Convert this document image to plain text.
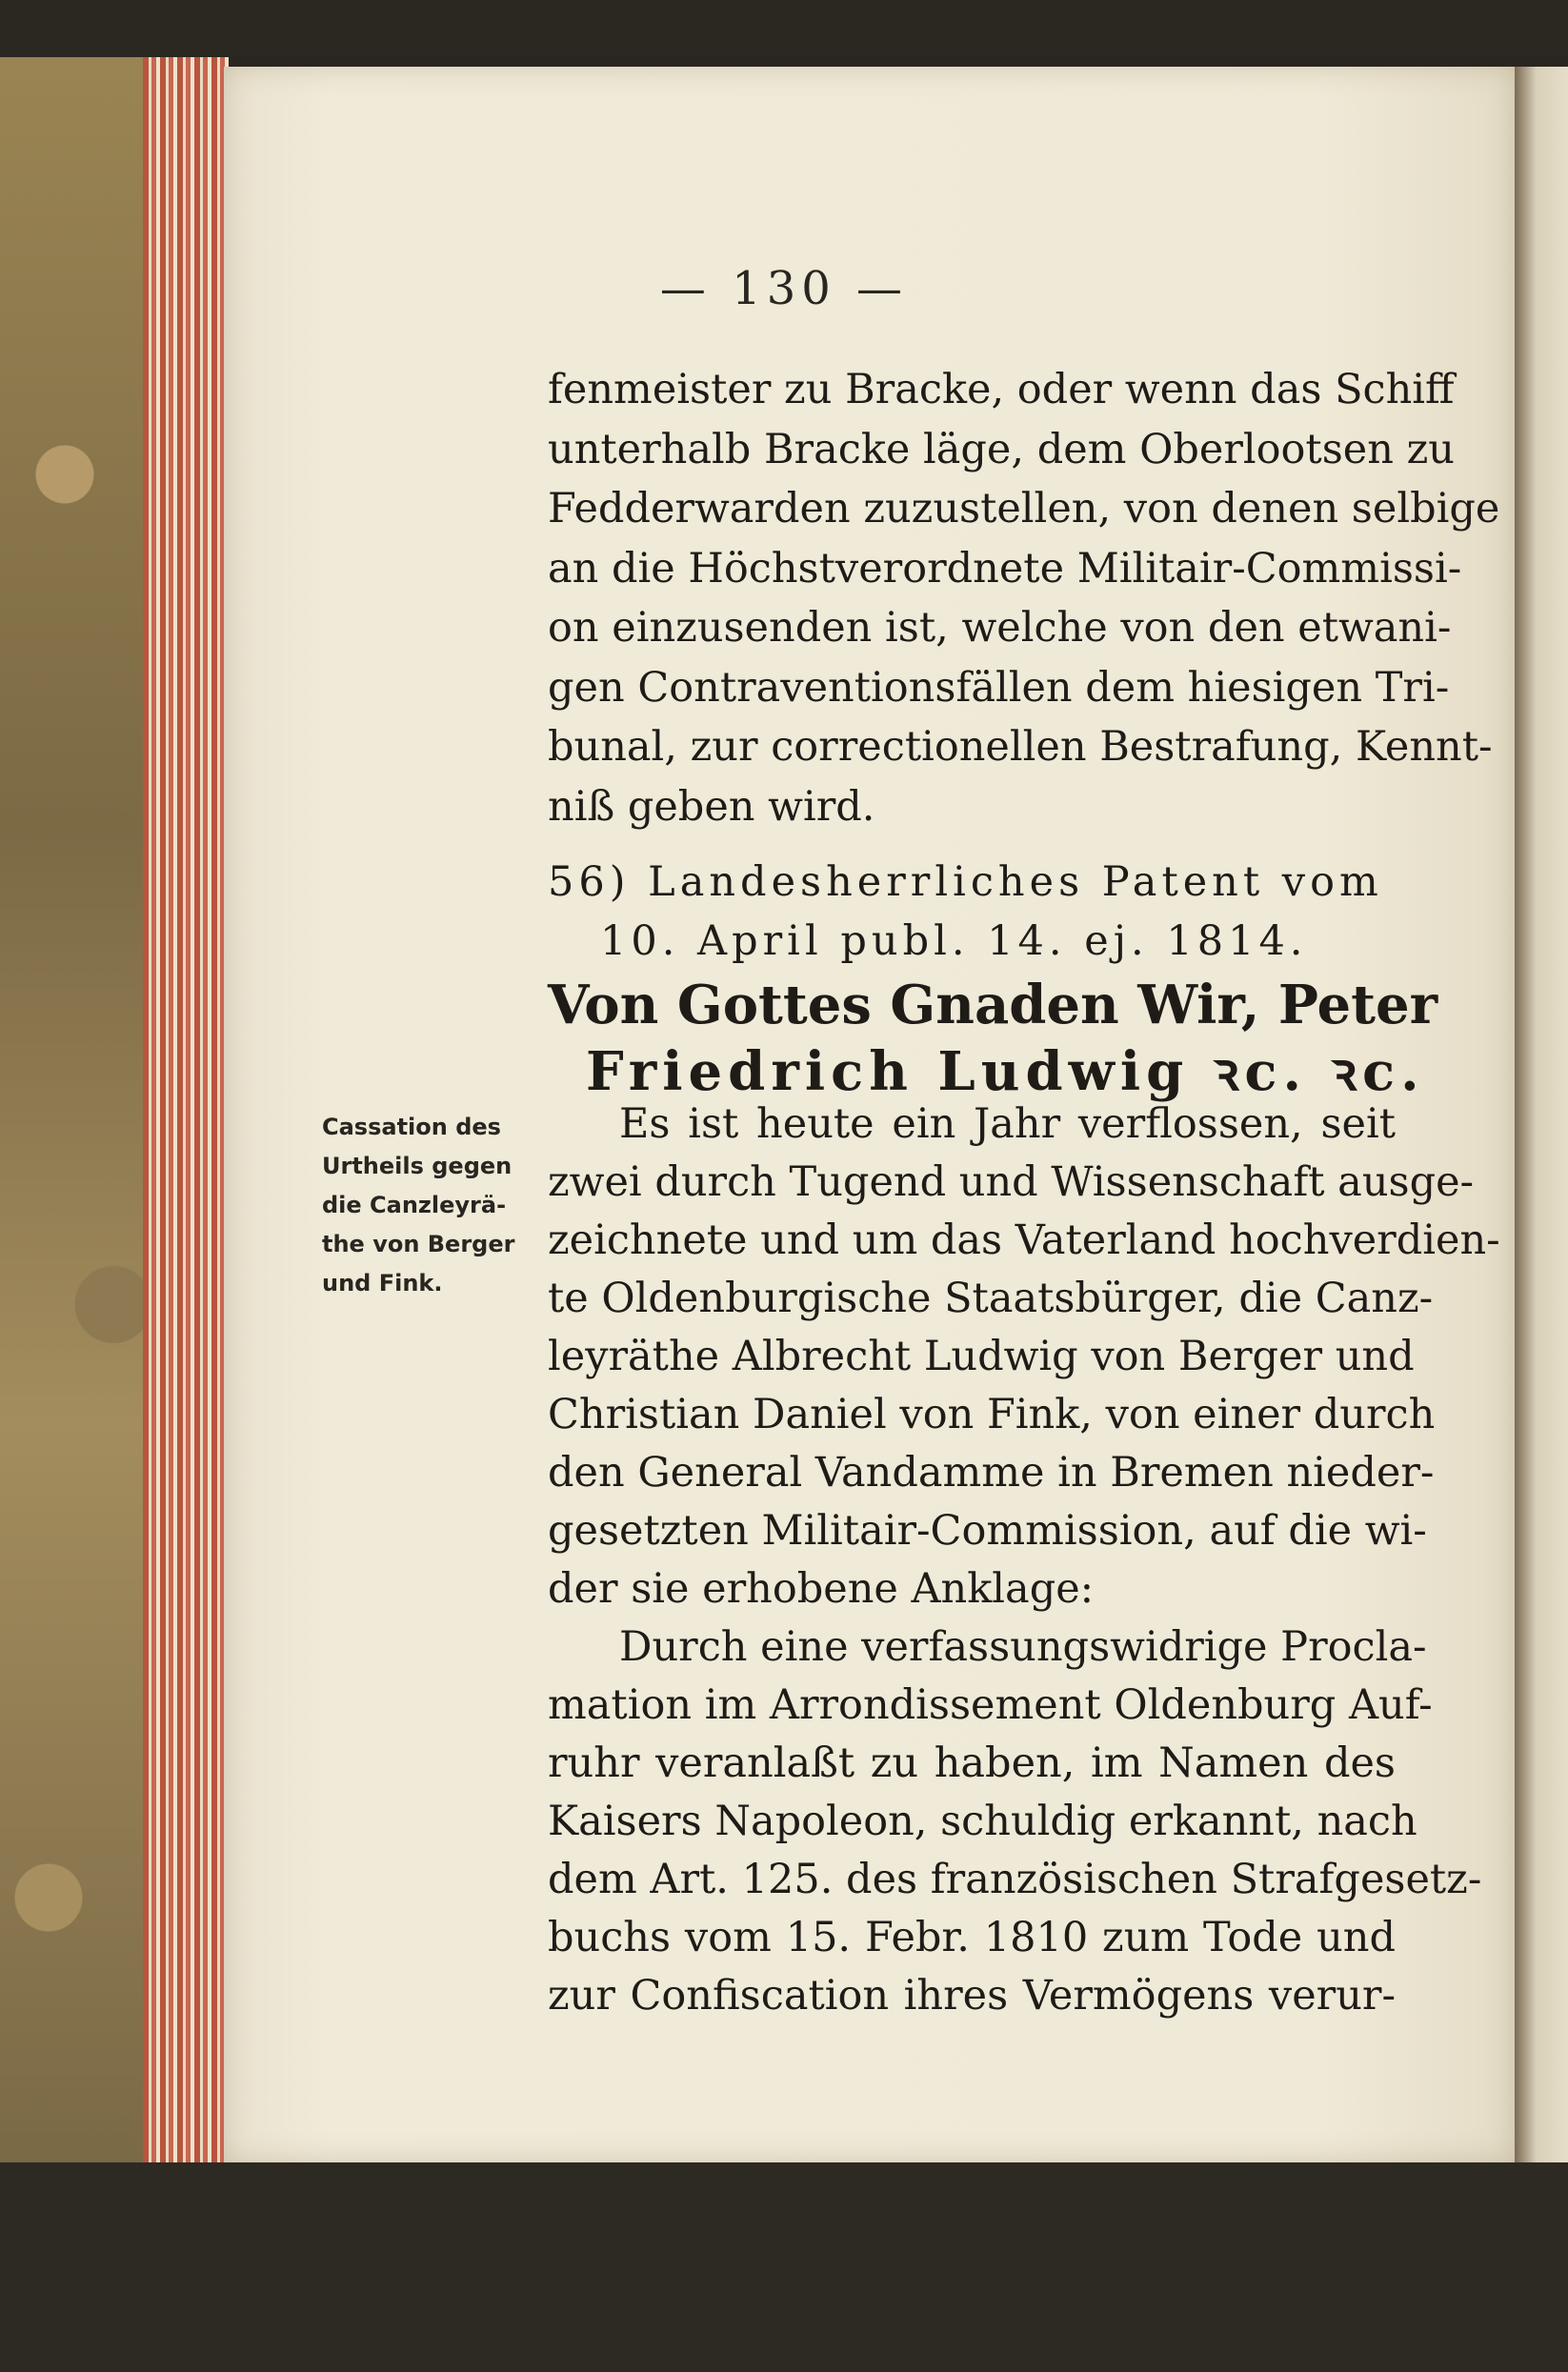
— 130 —
fenmeister zu Bracke, oder wenn das Schiff
unterhalb Bracke läge, dem Oberlootsen zu
Fedderwarden zuzustellen, von denen selbige
an die Höchstverordnete Militair-Commissi-
on einzusenden ist, welche von den etwani-
gen Contraventionsfällen dem hiesigen Tri-
bunal, zur correctionellen Bestrafung, Kennt-
niß geben wird.
56) Landesherrliches Patent vom
10. April publ. 14. ej. 1814.
Von Gottes Gnaden Wir, Peter
Friedrich Ludwig ꝛc. ꝛc.
Cassation des
Urtheils gegen
die Canzleyrä-
the von Berger
und Fink.
Es ist heute ein Jahr verflossen, seit
zwei durch Tugend und Wissenschaft ausge-
zeichnete und um das Vaterland hochverdien-
te Oldenburgische Staatsbürger, die Canz-
leyräthe Albrecht Ludwig von Berger und
Christian Daniel von Fink, von einer durch
den General Vandamme in Bremen nieder-
gesetzten Militair-Commission, auf die wi-
der sie erhobene Anklage:
Durch eine verfassungswidrige Procla-
mation im Arrondissement Oldenburg Auf-
ruhr veranlaßt zu haben, im Namen des
Kaisers Napoleon, schuldig erkannt, nach
dem Art. 125. des französischen Strafgesetz-
buchs vom 15. Febr. 1810 zum Tode und
zur Confiscation ihres Vermögens verur-
